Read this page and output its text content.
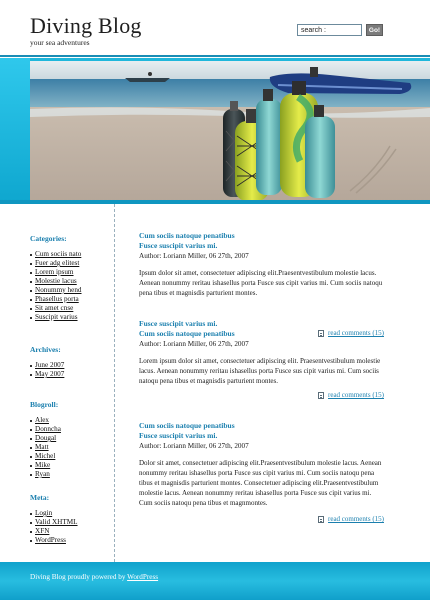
Diving Blog
your sea adventures
search :	Go!
Categories:
Cum sociis nato
Fuer adg elitest
Lorem ipsum
Molestie lacus
Nonummy hend
Phasellus porta
Sit amet cnse
Suscipit varius
Archives:
June 2007
May 2007
Blogroll:
Alex
Donncha
Dougal
Matt
Michel
Mike
Ryan
Meta:
Login
Valid XHTML
XFN
WordPress
Cum sociis natoque penatibus
Fusce suscipit varius mi.
Author: Loriann Miller, 06 27th, 2007
Ipsum dolor sit amet, consectetuer adipiscing elit.Praesentvestibulum molestie lacus. Aenean nonummy reritau ishasellus porta Fusce sus cipit varius mi. Cum sociis natoqu pena tibus et magnisdis parturient montes.
read comments (15)
Fusce suscipit varius mi.
Cum sociis natoque penatibus
Author: Loriann Miller, 06 27th, 2007
Lorem ipsum dolor sit amet, consectetuer adipiscing elit. Praesentvestibulum molestie lacus. Aenean nonummy reritau ishasellus porta Fusce sus cipit varius mi. Cum sociis natoqu pena tibus et magnisdis parturient montes.
read comments (15)
Cum sociis natoque penatibus
Fusce suscipit varius mi.
Author: Loriann Miller, 06 27th, 2007
Dolor sit amet, consectetuer adipiscing elit.Praesentvestibulum molestie lacus. Aenean nonummy reritau ishasellus porta Fusce sus cipit varius mi. Cum sociis natoqu pena tibus et magnisdis parturient montes. Consectetuer adipiscing elit.Praesentvestibulum molestie lacus. Aenean nonummy reritau ishasellus porta Fusce sus cipit varius mi. Cum sociis natoqu pena tibus et magnmontes.
read comments (15)
Diving Blog proudly powered by WordPress
